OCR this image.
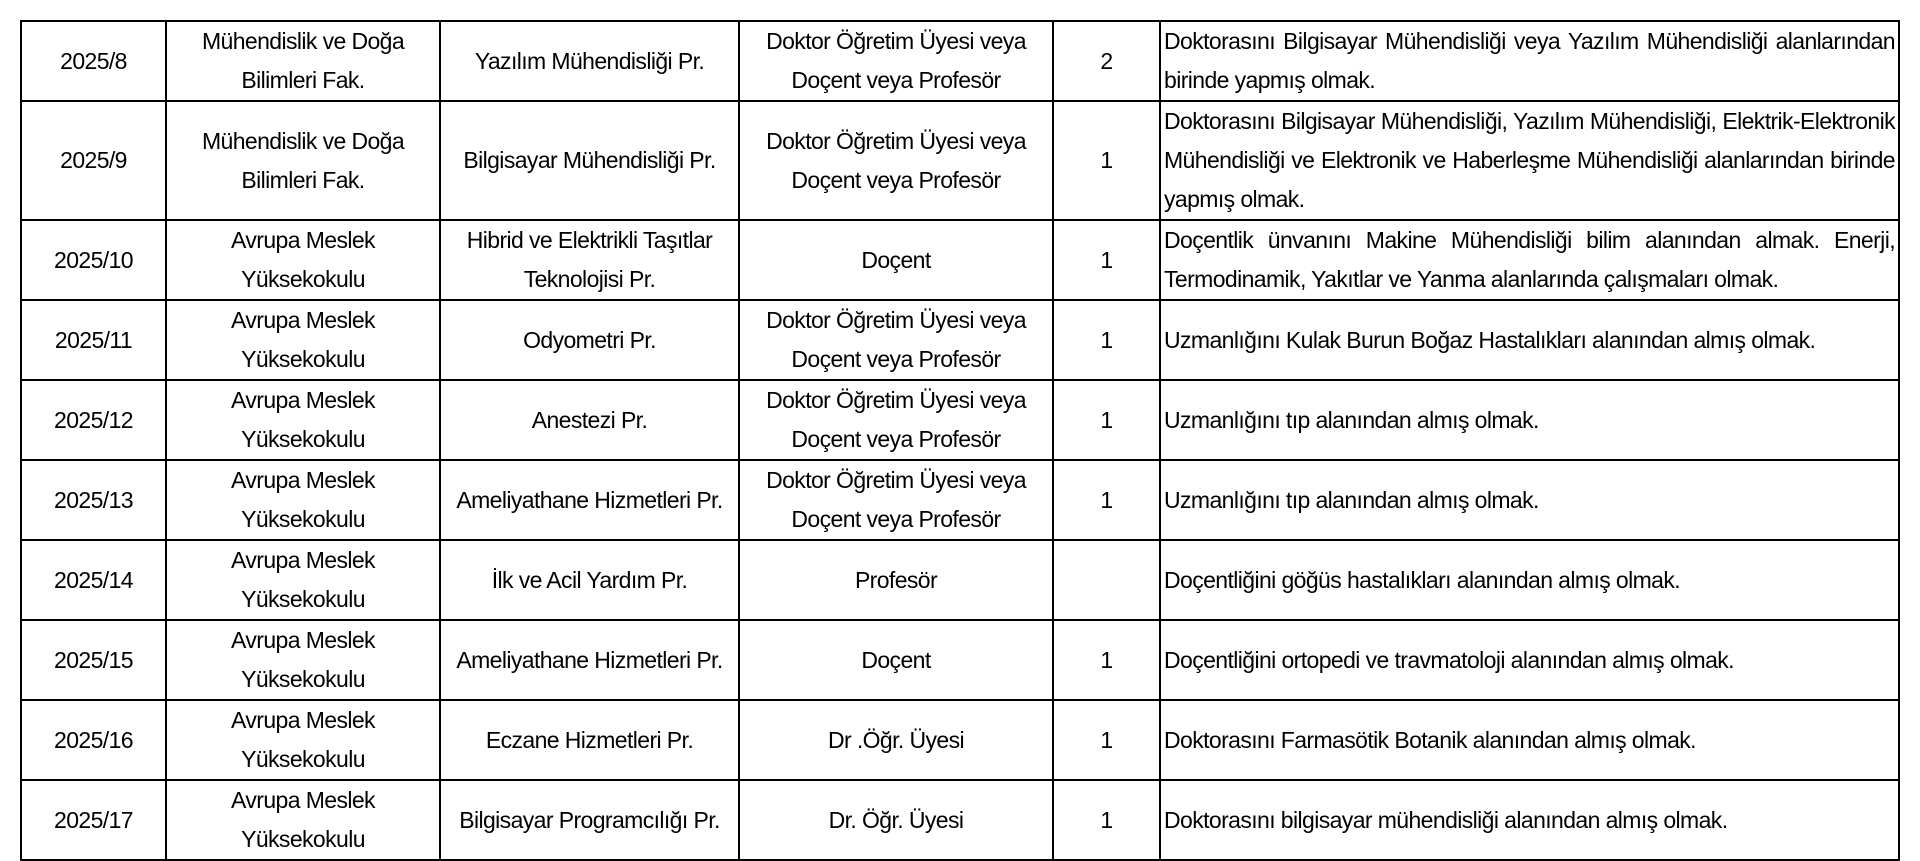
2025/8	Mühendislik ve Doğa Bilimleri Fak.	Yazılım Mühendisliği Pr.	Doktor Öğretim Üyesi veya Doçent veya Profesör	2	Doktorasını Bilgisayar Mühendisliği veya Yazılım Mühendisliği alanlarından birinde yapmış olmak.
2025/9	Mühendislik ve Doğa Bilimleri Fak.	Bilgisayar Mühendisliği Pr.	Doktor Öğretim Üyesi veya Doçent veya Profesör	1	Doktorasını Bilgisayar Mühendisliği, Yazılım Mühendisliği, Elektrik-Elektronik Mühendisliği ve Elektronik ve Haberleşme Mühendisliği alanlarından birinde yapmış olmak.
2025/10	Avrupa Meslek Yüksekokulu	Hibrid ve Elektrikli Taşıtlar Teknolojisi Pr.	Doçent	1	Doçentlik ünvanını Makine Mühendisliği bilim alanından almak. Enerji, Termodinamik, Yakıtlar ve Yanma alanlarında çalışmaları olmak.
2025/11	Avrupa Meslek Yüksekokulu	Odyometri Pr.	Doktor Öğretim Üyesi veya Doçent veya Profesör	1	Uzmanlığını Kulak Burun Boğaz Hastalıkları alanından almış olmak.
2025/12	Avrupa Meslek Yüksekokulu	Anestezi Pr.	Doktor Öğretim Üyesi veya Doçent veya Profesör	1	Uzmanlığını tıp alanından almış olmak.
2025/13	Avrupa Meslek Yüksekokulu	Ameliyathane Hizmetleri Pr.	Doktor Öğretim Üyesi veya Doçent veya Profesör	1	Uzmanlığını tıp alanından almış olmak.
2025/14	Avrupa Meslek Yüksekokulu	İlk ve Acil Yardım Pr.	Profesör		Doçentliğini göğüs hastalıkları alanından almış olmak.
2025/15	Avrupa Meslek Yüksekokulu	Ameliyathane Hizmetleri Pr.	Doçent	1	Doçentliğini ortopedi ve travmatoloji alanından almış olmak.
2025/16	Avrupa Meslek Yüksekokulu	Eczane Hizmetleri Pr.	Dr .Öğr. Üyesi	1	Doktorasını Farmasötik Botanik alanından almış olmak.
2025/17	Avrupa Meslek Yüksekokulu	Bilgisayar Programcılığı Pr.	Dr. Öğr. Üyesi	1	Doktorasını bilgisayar mühendisliği alanından almış olmak.
